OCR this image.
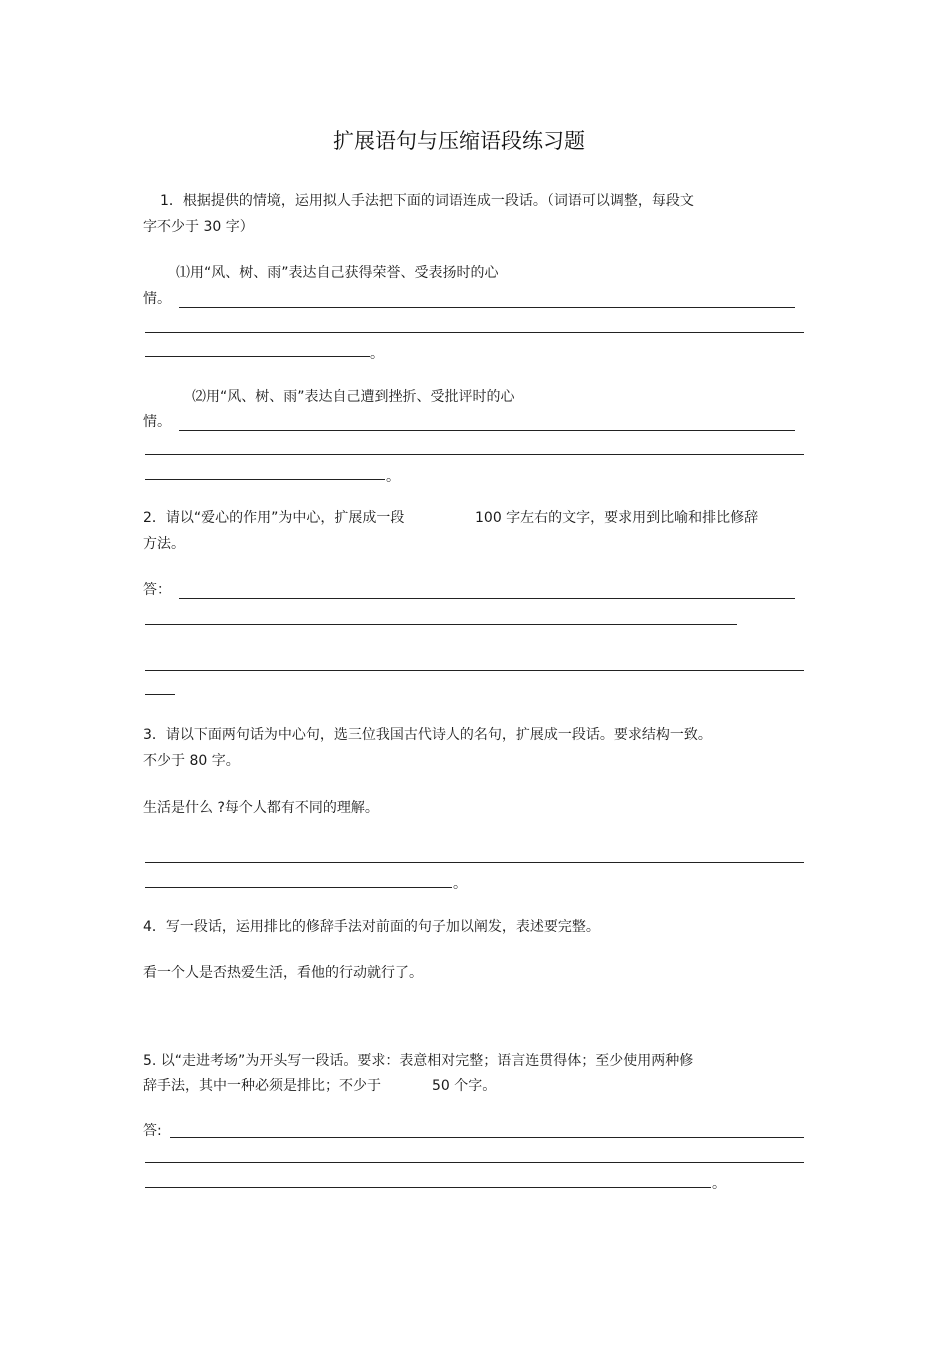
扩展语句与压缩语段练习题
1．根据提供的情境，运用拟人手法把下面的词语连成一段话。（词语可以调整，每段文
字不少于 30 字）
⑴用“风、树、雨”表达自己获得荣誉、受表扬时的心
情。
。
⑵用“风、树、雨”表达自己遭到挫折、受批评时的心
情。
。
2．请以“爱心的作用”为中心，扩展成一段	100 字左右的文字，要求用到比喻和排比修辞
方法。
答：
3．请以下面两句话为中心句，选三位我国古代诗人的名句，扩展成一段话。要求结构一致。
不少于 80 字。
生活是什么 ?每个人都有不同的理解。
。
4．写一段话，运用排比的修辞手法对前面的句子加以阐发，表述要完整。
看一个人是否热爱生活，看他的行动就行了。
5. 以“走进考场”为开头写一段话。要求：表意相对完整；语言连贯得体；至少使用两种修
辞手法，其中一种必须是排比；不少于	50 个字。
答:
。
